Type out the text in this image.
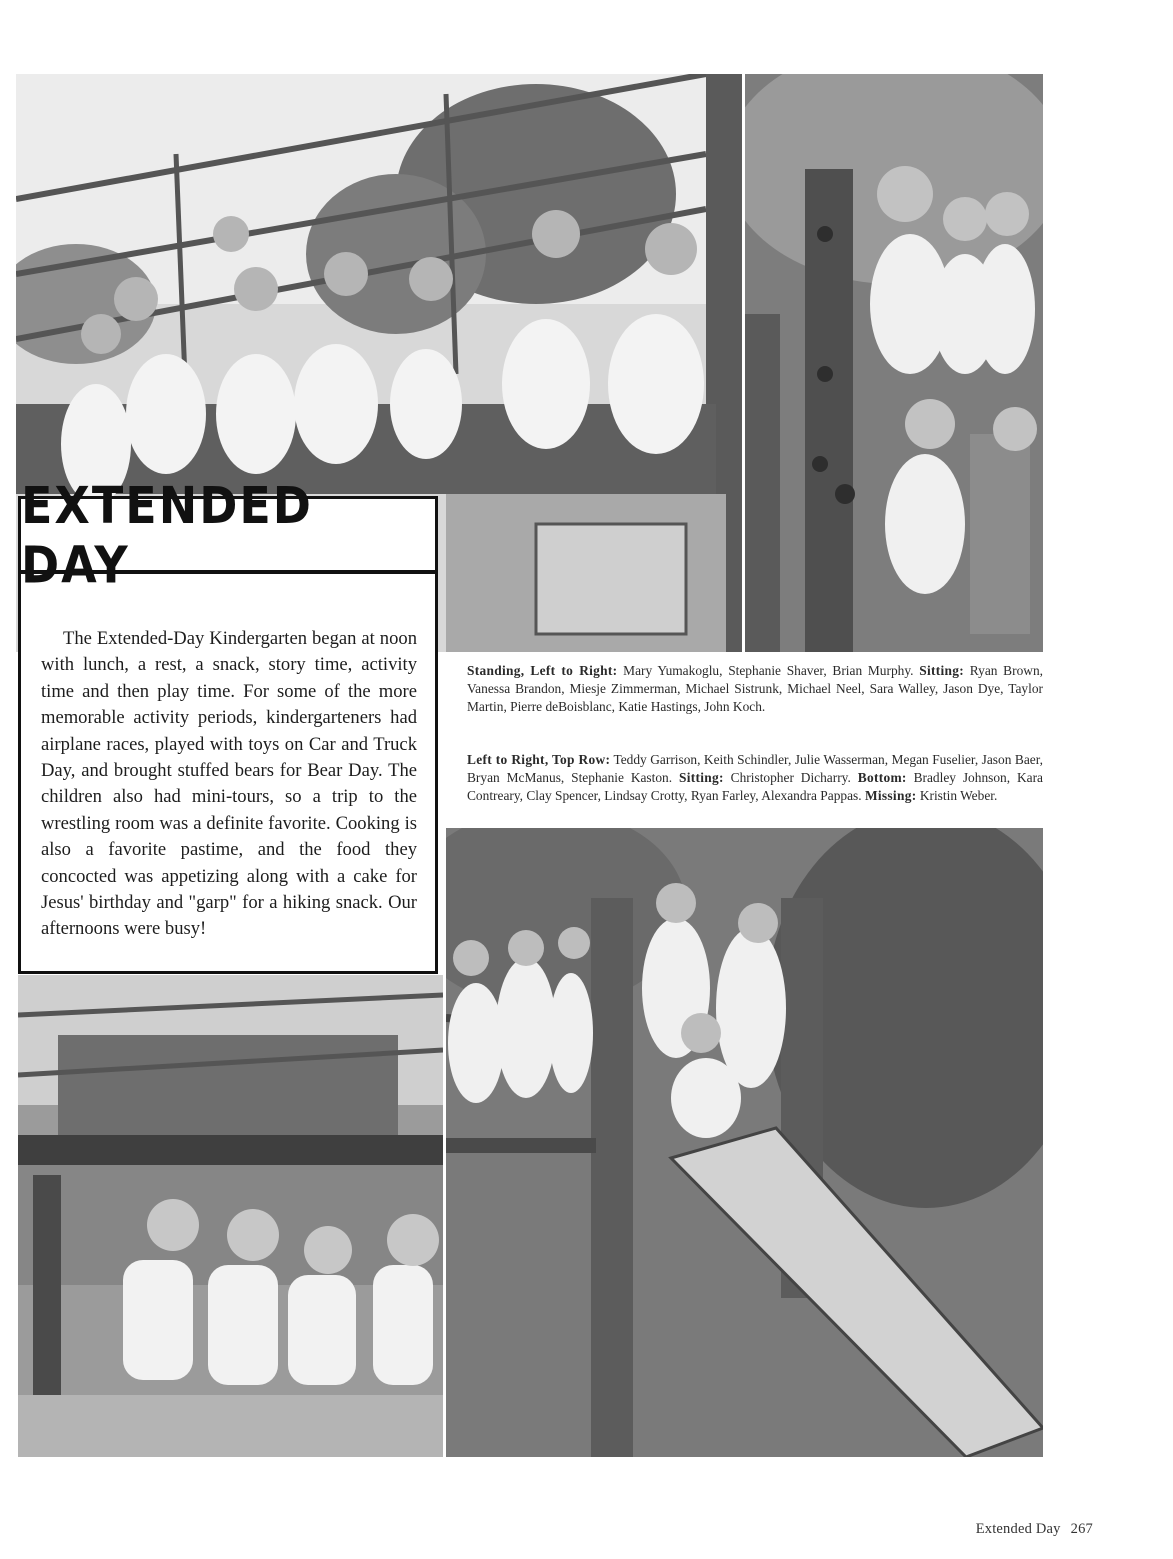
EXTENDED DAY

The Extended-Day Kindergarten began at noon with lunch, a rest, a snack, story time, activity time and then play time. For some of the more memorable activity periods, kindergarteners had airplane races, played with toys on Car and Truck Day, and brought stuffed bears for Bear Day. The children also had mini-tours, so a trip to the wrestling room was a definite favorite. Cooking is also a favorite pastime, and the food they concocted was appetizing along with a cake for Jesus' birthday and "garp" for a hiking snack. Our afternoons were busy!

Standing, Left to Right: Mary Yumakoglu, Stephanie Shaver, Brian Murphy. Sitting: Ryan Brown, Vanessa Brandon, Miesje Zimmerman, Michael Sistrunk, Michael Neel, Sara Walley, Jason Dye, Taylor Martin, Pierre deBoisblanc, Katie Hastings, John Koch.
Left to Right, Top Row: Teddy Garrison, Keith Schindler, Julie Wasserman, Megan Fuselier, Jason Baer, Bryan McManus, Stephanie Kaston. Sitting: Christopher Dicharry. Bottom: Bradley Johnson, Kara Contreary, Clay Spencer, Lindsay Crotty, Ryan Farley, Alexandra Pappas. Missing: Kristin Weber.
Extended Day 267
